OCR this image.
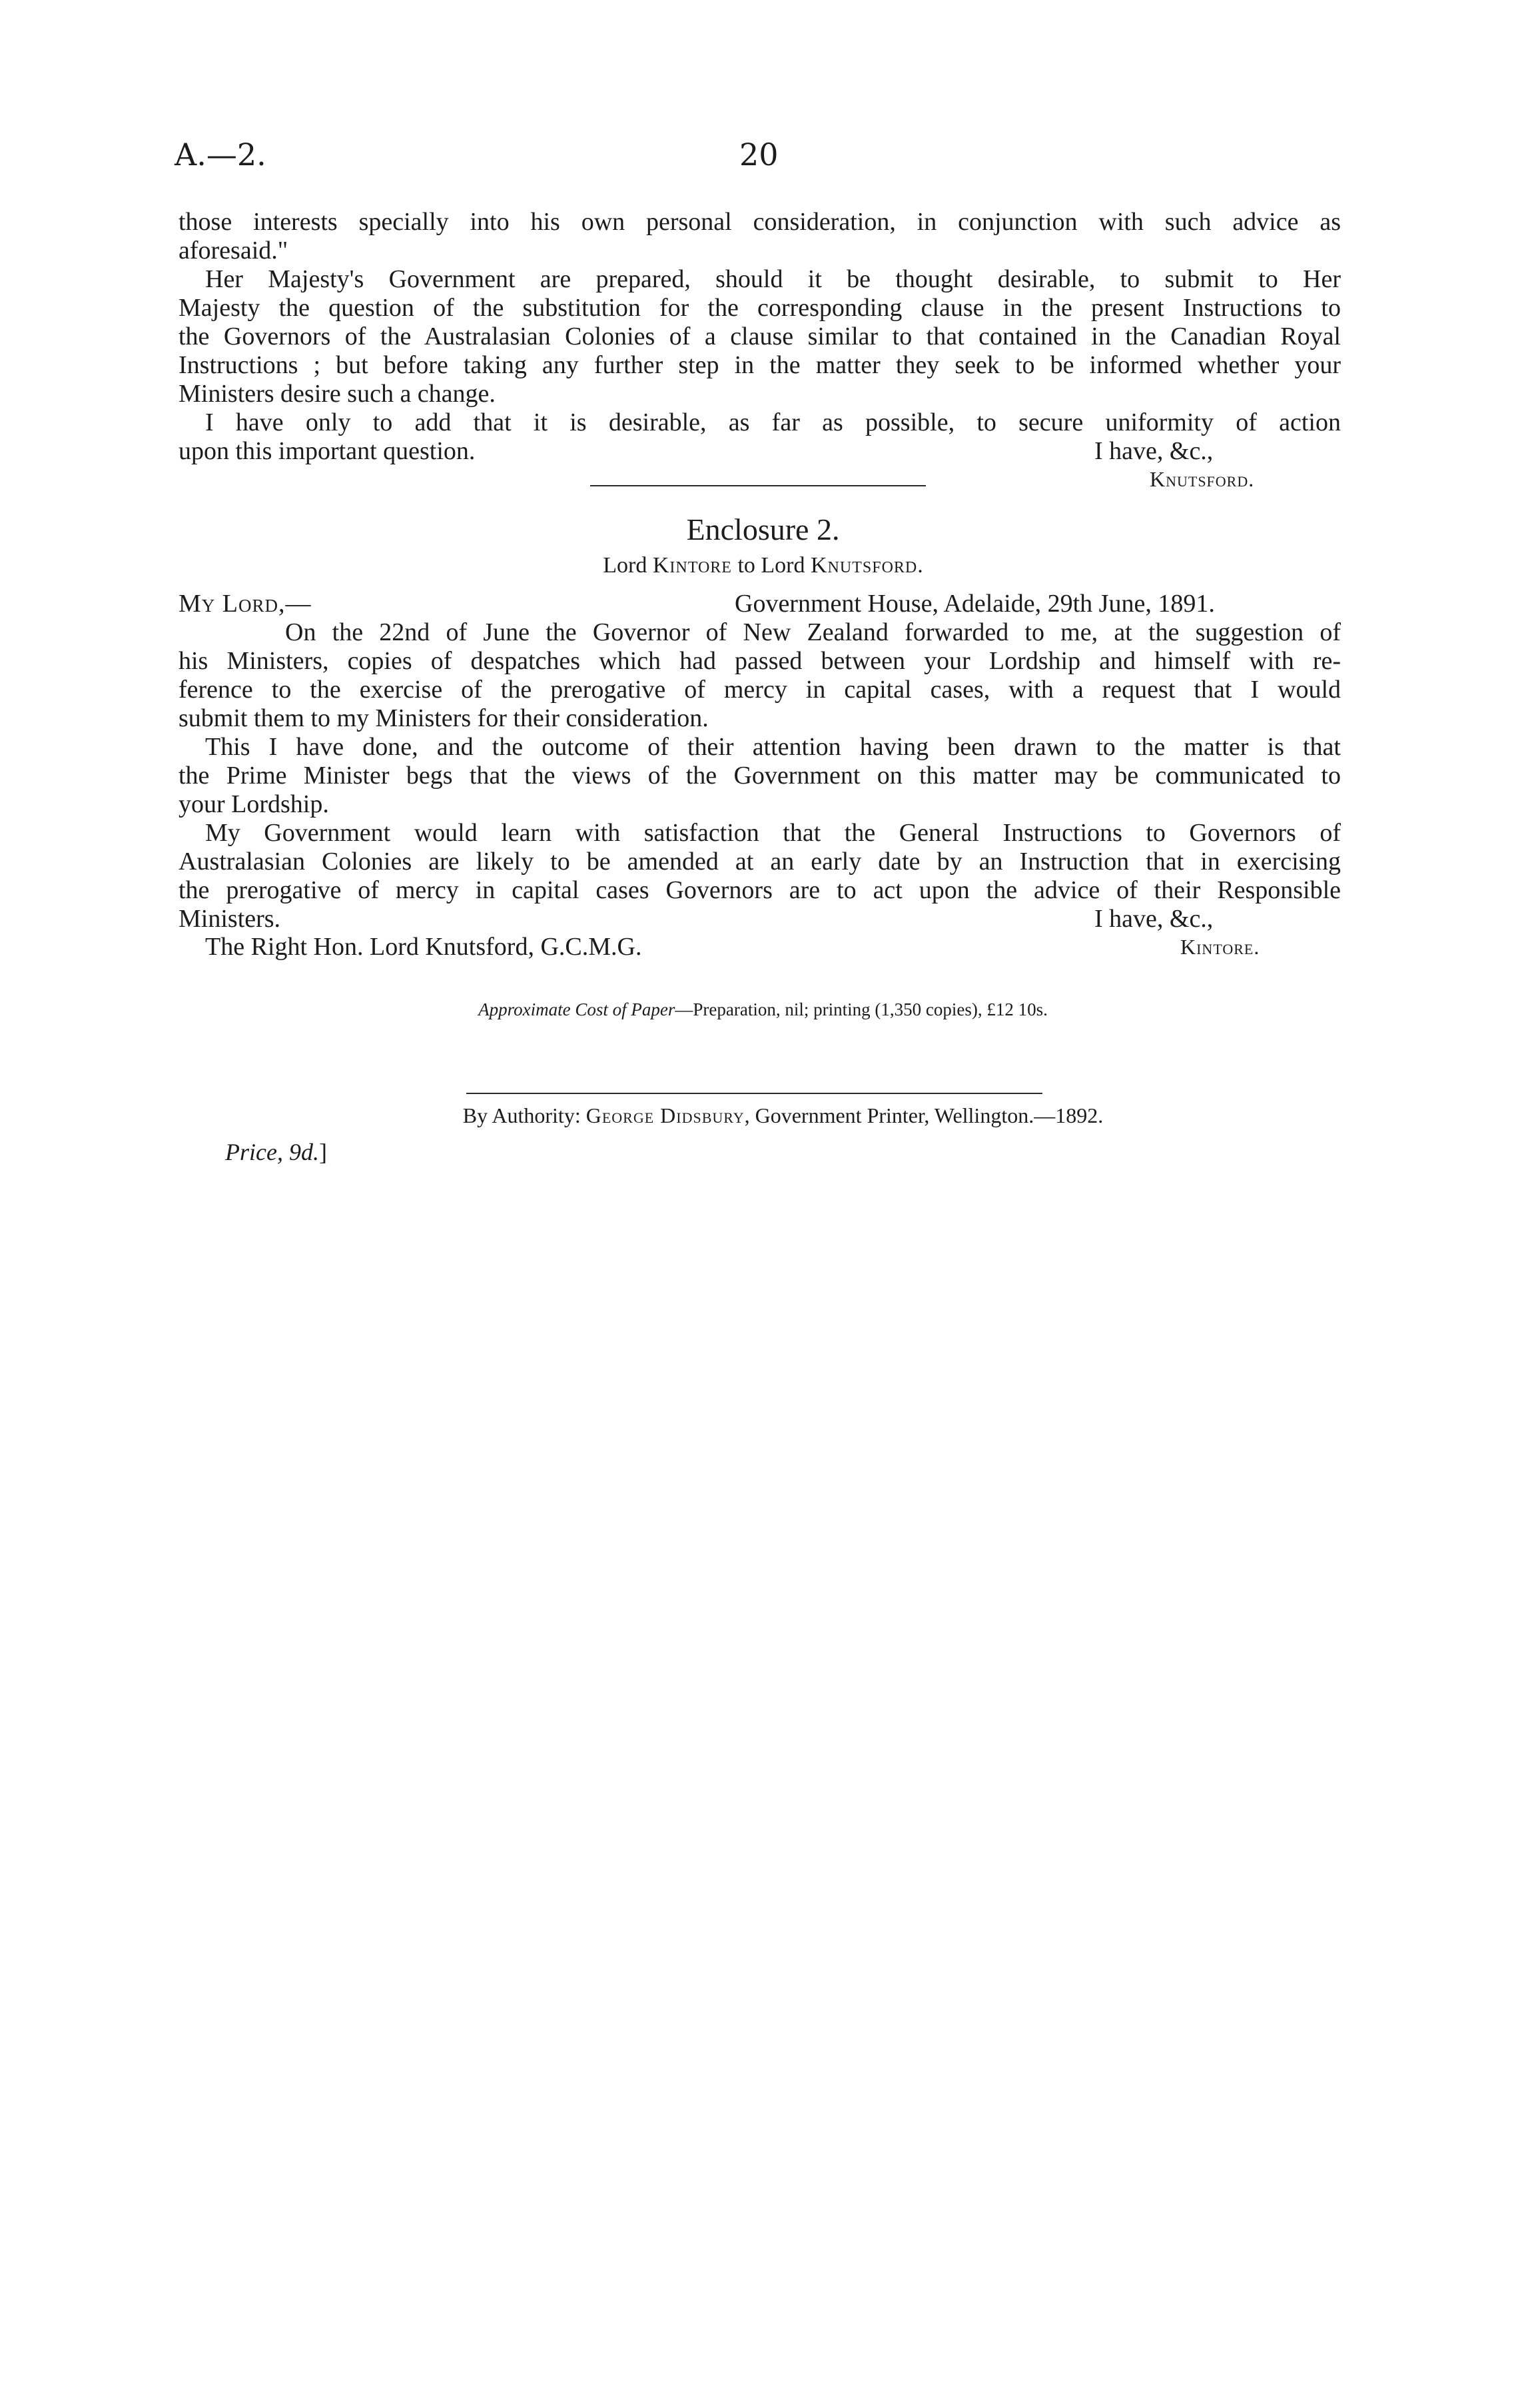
A.—2.	20

those interests specially into his own personal consideration, in conjunction with such advice as

aforesaid."

Her Majesty's Government are prepared, should it be thought desirable, to submit to Her

Majesty the question of the substitution for the corresponding clause in the present Instructions to

the Governors of the Australasian Colonies of a clause similar to that contained in the Canadian Royal

Instructions ; but before taking any further step in the matter they seek to be informed whether your

Ministers desire such a change.

I have only to add that it is desirable, as far as possible, to secure uniformity of action

upon this important question.	I have, &c.,
Knutsford.
Enclosure 2.
Lord Kintore to Lord Knutsford.
My Lord,—	Government House, Adelaide, 29th June, 1891.

On the 22nd of June the Governor of New Zealand forwarded to me, at the suggestion of

his Ministers, copies of despatches which had passed between your Lordship and himself with re-

ference to the exercise of the prerogative of mercy in capital cases, with a request that I would

submit them to my Ministers for their consideration.

This I have done, and the outcome of their attention having been drawn to the matter is that

the Prime Minister begs that the views of the Government on this matter may be communicated to

your Lordship.

My Government would learn with satisfaction that the General Instructions to Governors of

Australasian Colonies are likely to be amended at an early date by an Instruction that in exercising

the prerogative of mercy in capital cases Governors are to act upon the advice of their Responsible

Ministers.	I have, &c.,
The Right Hon. Lord Knutsford, G.C.M.G.	Kintore.
Approximate Cost of Paper—Preparation, nil; printing (1,350 copies), £12 10s.
By Authority: George Didsbury, Government Printer, Wellington.—1892.
Price, 9d.]
